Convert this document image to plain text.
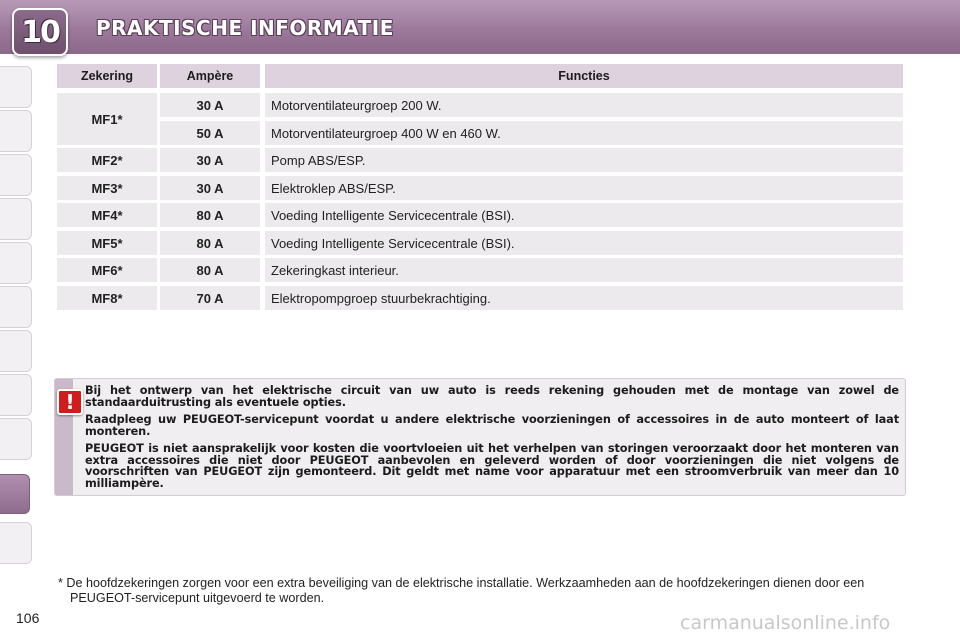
10 PRAKTISCHE INFORMATIE
Zekering	Ampère	Functies
MF1*
30 A	Motorventilateurgroep 200 W.
50 A	Motorventilateurgroep 400 W en 460 W.
MF2*	30 A	Pomp ABS/ESP.
MF3*	30 A	Elektroklep ABS/ESP.
MF4*	80 A	Voeding Intelligente Servicecentrale (BSI).
MF5*	80 A	Voeding Intelligente Servicecentrale (BSI).
MF6*	80 A	Zekeringkast interieur.
MF8*	70 A	Elektropompgroep stuurbekrachtiging.
! Bij het ontwerp van het elektrische circuit van uw auto is reeds rekening gehouden met de montage van zowel de standaarduitrusting als eventuele opties.

Raadpleeg uw PEUGEOT-servicepunt voordat u andere elektrische voorzieningen of accessoires in de auto monteert of laat monteren.

PEUGEOT is niet aansprakelijk voor kosten die voortvloeien uit het verhelpen van storingen veroorzaakt door het monteren van extra accessoires die niet door PEUGEOT aanbevolen en geleverd worden of door voorzieningen die niet volgens de voorschriften van PEUGEOT zijn gemonteerd. Dit geldt met name voor apparatuur met een stroomverbruik van meer dan 10 milliampère.

* De hoofdzekeringen zorgen voor een extra beveiliging van de elektrische installatie. Werkzaamheden aan de hoofdzekeringen dienen door een PEUGEOT-servicepunt uitgevoerd te worden.
106	carmanualsonline.info
